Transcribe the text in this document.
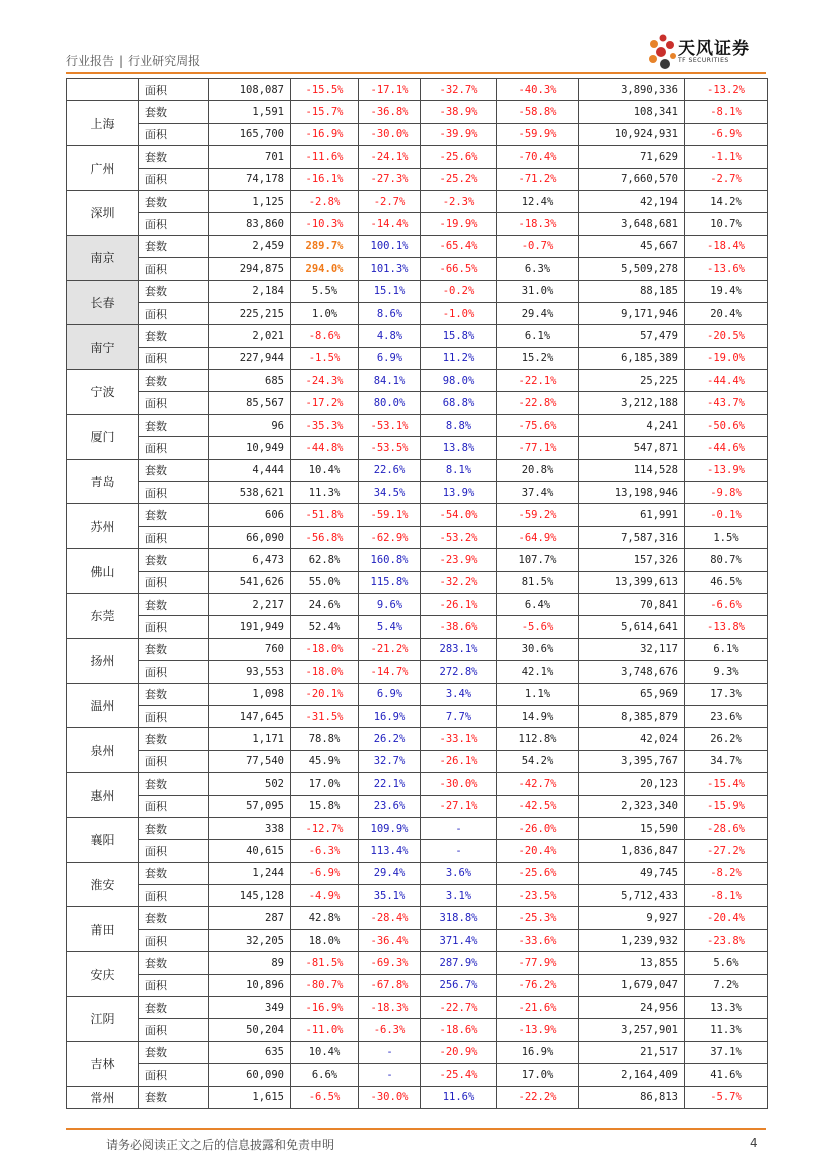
行业报告 | 行业研究周报
天风证券
TF SECURITIES
	面积	108,087	-15.5%	-17.1%	-32.7%	-40.3%	3,890,336	-13.2%
上海	套数	1,591	-15.7%	-36.8%	-38.9%	-58.8%	108,341	-8.1%
	面积	165,700	-16.9%	-30.0%	-39.9%	-59.9%	10,924,931	-6.9%
广州	套数	701	-11.6%	-24.1%	-25.6%	-70.4%	71,629	-1.1%
	面积	74,178	-16.1%	-27.3%	-25.2%	-71.2%	7,660,570	-2.7%
深圳	套数	1,125	-2.8%	-2.7%	-2.3%	12.4%	42,194	14.2%
	面积	83,860	-10.3%	-14.4%	-19.9%	-18.3%	3,648,681	10.7%
南京	套数	2,459	289.7%	100.1%	-65.4%	-0.7%	45,667	-18.4%
	面积	294,875	294.0%	101.3%	-66.5%	6.3%	5,509,278	-13.6%
长春	套数	2,184	5.5%	15.1%	-0.2%	31.0%	88,185	19.4%
	面积	225,215	1.0%	8.6%	-1.0%	29.4%	9,171,946	20.4%
南宁	套数	2,021	-8.6%	4.8%	15.8%	6.1%	57,479	-20.5%
	面积	227,944	-1.5%	6.9%	11.2%	15.2%	6,185,389	-19.0%
宁波	套数	685	-24.3%	84.1%	98.0%	-22.1%	25,225	-44.4%
	面积	85,567	-17.2%	80.0%	68.8%	-22.8%	3,212,188	-43.7%
厦门	套数	96	-35.3%	-53.1%	8.8%	-75.6%	4,241	-50.6%
	面积	10,949	-44.8%	-53.5%	13.8%	-77.1%	547,871	-44.6%
青岛	套数	4,444	10.4%	22.6%	8.1%	20.8%	114,528	-13.9%
	面积	538,621	11.3%	34.5%	13.9%	37.4%	13,198,946	-9.8%
苏州	套数	606	-51.8%	-59.1%	-54.0%	-59.2%	61,991	-0.1%
	面积	66,090	-56.8%	-62.9%	-53.2%	-64.9%	7,587,316	1.5%
佛山	套数	6,473	62.8%	160.8%	-23.9%	107.7%	157,326	80.7%
	面积	541,626	55.0%	115.8%	-32.2%	81.5%	13,399,613	46.5%
东莞	套数	2,217	24.6%	9.6%	-26.1%	6.4%	70,841	-6.6%
	面积	191,949	52.4%	5.4%	-38.6%	-5.6%	5,614,641	-13.8%
扬州	套数	760	-18.0%	-21.2%	283.1%	30.6%	32,117	6.1%
	面积	93,553	-18.0%	-14.7%	272.8%	42.1%	3,748,676	9.3%
温州	套数	1,098	-20.1%	6.9%	3.4%	1.1%	65,969	17.3%
	面积	147,645	-31.5%	16.9%	7.7%	14.9%	8,385,879	23.6%
泉州	套数	1,171	78.8%	26.2%	-33.1%	112.8%	42,024	26.2%
	面积	77,540	45.9%	32.7%	-26.1%	54.2%	3,395,767	34.7%
惠州	套数	502	17.0%	22.1%	-30.0%	-42.7%	20,123	-15.4%
	面积	57,095	15.8%	23.6%	-27.1%	-42.5%	2,323,340	-15.9%
襄阳	套数	338	-12.7%	109.9%	-	-26.0%	15,590	-28.6%
	面积	40,615	-6.3%	113.4%	-	-20.4%	1,836,847	-27.2%
淮安	套数	1,244	-6.9%	29.4%	3.6%	-25.6%	49,745	-8.2%
	面积	145,128	-4.9%	35.1%	3.1%	-23.5%	5,712,433	-8.1%
莆田	套数	287	42.8%	-28.4%	318.8%	-25.3%	9,927	-20.4%
	面积	32,205	18.0%	-36.4%	371.4%	-33.6%	1,239,932	-23.8%
安庆	套数	89	-81.5%	-69.3%	287.9%	-77.9%	13,855	5.6%
	面积	10,896	-80.7%	-67.8%	256.7%	-76.2%	1,679,047	7.2%
江阴	套数	349	-16.9%	-18.3%	-22.7%	-21.6%	24,956	13.3%
	面积	50,204	-11.0%	-6.3%	-18.6%	-13.9%	3,257,901	11.3%
吉林	套数	635	10.4%	-	-20.9%	16.9%	21,517	37.1%
	面积	60,090	6.6%	-	-25.4%	17.0%	2,164,409	41.6%
常州	套数	1,615	-6.5%	-30.0%	11.6%	-22.2%	86,813	-5.7%
请务必阅读正文之后的信息披露和免责申明	4
